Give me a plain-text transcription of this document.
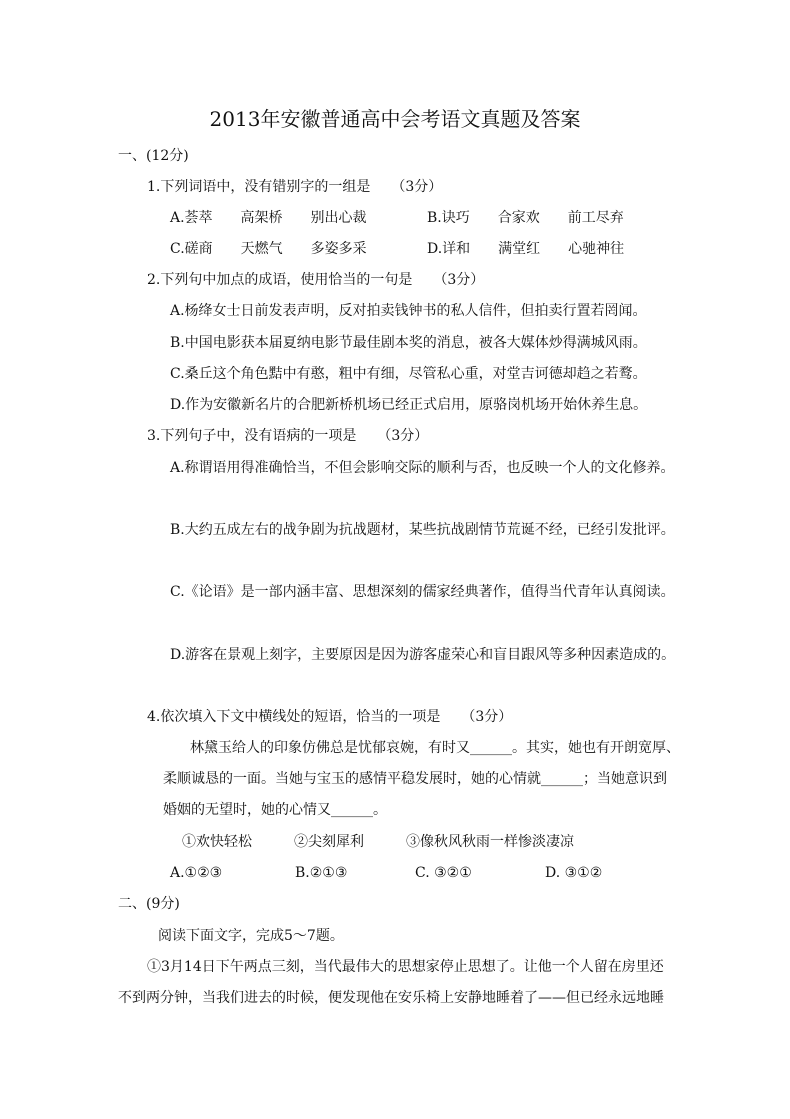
2013年安徽普通高中会考语文真题及答案
一、(12分)
1.下列词语中，没有错别字的一组是　　（3分）
A.荟萃　　高架桥　　别出心裁	B.诀巧　　合家欢　　前工尽弃
C.磋商　　天燃气　　多姿多采	D.详和　　满堂红　　心驰神往
2.下列句中加点的成语，使用恰当的一句是　　（3分）
A.杨绛女士日前发表声明，反对拍卖钱钟书的私人信件，但拍卖行置若罔闻。
B.中国电影获本届夏纳电影节最佳剧本奖的消息，被各大媒体炒得满城风雨。
C.桑丘这个角色黠中有憨，粗中有细，尽管私心重，对堂吉诃德却趋之若鹜。
D.作为安徽新名片的合肥新桥机场已经正式启用，原骆岗机场开始休养生息。
3.下列句子中，没有语病的一项是　　（3分）
A.称谓语用得准确恰当，不但会影响交际的顺利与否，也反映一个人的文化修养。
B.大约五成左右的战争剧为抗战题材，某些抗战剧情节荒诞不经，已经引发批评。
C.《论语》是一部内涵丰富、思想深刻的儒家经典著作，值得当代青年认真阅读。
D.游客在景观上刻字，主要原因是因为游客虚荣心和盲目跟风等多种因素造成的。
4.依次填入下文中横线处的短语，恰当的一项是　　（3分）
林黛玉给人的印象仿佛总是忧郁哀婉，有时又______。其实，她也有开朗宽厚、
柔顺诚恳的一面。当她与宝玉的感情平稳发展时，她的心情就______；当她意识到
婚姻的无望时，她的心情又______。
①欢快轻松　　　②尖刻犀利　　　③像秋风秋雨一样惨淡凄凉
A.①②③	B.②①③	C. ③②①	D. ③①②
二、(9分)
阅读下面文字，完成5～7题。
①3月14日下午两点三刻，当代最伟大的思想家停止思想了。让他一个人留在房里还
不到两分钟，当我们进去的时候，便发现他在安乐椅上安静地睡着了——但已经永远地睡
